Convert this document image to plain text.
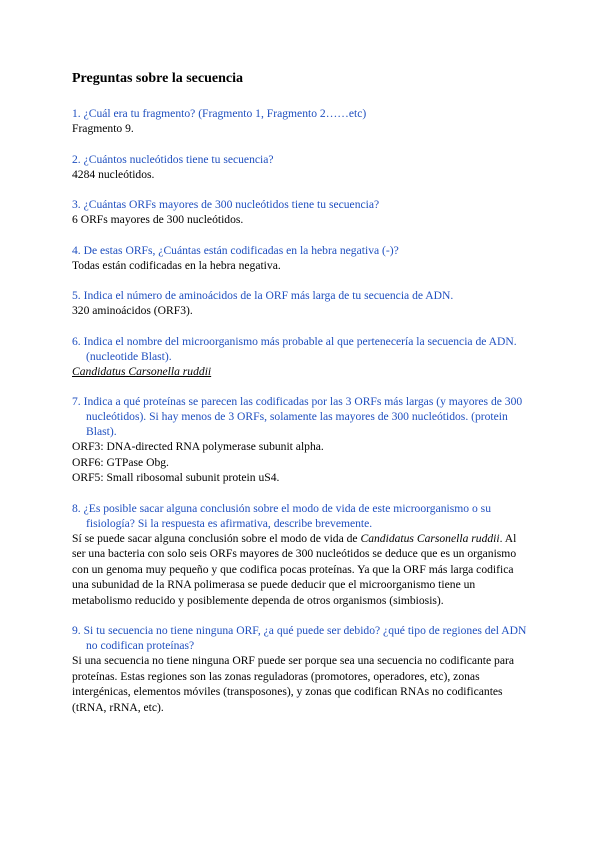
Preguntas sobre la secuencia

1. ¿Cuál era tu fragmento? (Fragmento 1, Fragmento 2……etc)

Fragmento 9.

2. ¿Cuántos nucleótidos tiene tu secuencia?

4284 nucleótidos.

3. ¿Cuántas ORFs mayores de 300 nucleótidos tiene tu secuencia?

6 ORFs mayores de 300 nucleótidos.

4. De estas ORFs, ¿Cuántas están codificadas en la hebra negativa (-)?

Todas están codificadas en la hebra negativa.

5. Indica el número de aminoácidos de la ORF más larga de tu secuencia de ADN.

320 aminoácidos (ORF3).

6. Indica el nombre del microorganismo más probable al que pertenecería la secuencia de ADN. (nucleotide Blast).

Candidatus Carsonella ruddii

7. Indica a qué proteínas se parecen las codificadas por las 3 ORFs más largas (y mayores de 300 nucleótidos). Si hay menos de 3 ORFs, solamente las mayores de 300 nucleótidos. (protein Blast).

ORF3: DNA-directed RNA polymerase subunit alpha.

ORF6: GTPase Obg.

ORF5: Small ribosomal subunit protein uS4.

8. ¿Es posible sacar alguna conclusión sobre el modo de vida de este microorganismo o su fisiología? Si la respuesta es afirmativa, describe brevemente.

Sí se puede sacar alguna conclusión sobre el modo de vida de Candidatus Carsonella ruddii. Al ser una bacteria con solo seis ORFs mayores de 300 nucleótidos se deduce que es un organismo con un genoma muy pequeño y que codifica pocas proteínas. Ya que la ORF más larga codifica una subunidad de la RNA polimerasa se puede deducir que el microorganismo tiene un metabolismo reducido y posiblemente dependa de otros organismos (simbiosis).

9. Si tu secuencia no tiene ninguna ORF, ¿a qué puede ser debido? ¿qué tipo de regiones del ADN no codifican proteínas?

Si una secuencia no tiene ninguna ORF puede ser porque sea una secuencia no codificante para proteínas. Estas regiones son las zonas reguladoras (promotores, operadores, etc), zonas intergénicas, elementos móviles (transposones), y zonas que codifican RNAs no codificantes (tRNA, rRNA, etc).
